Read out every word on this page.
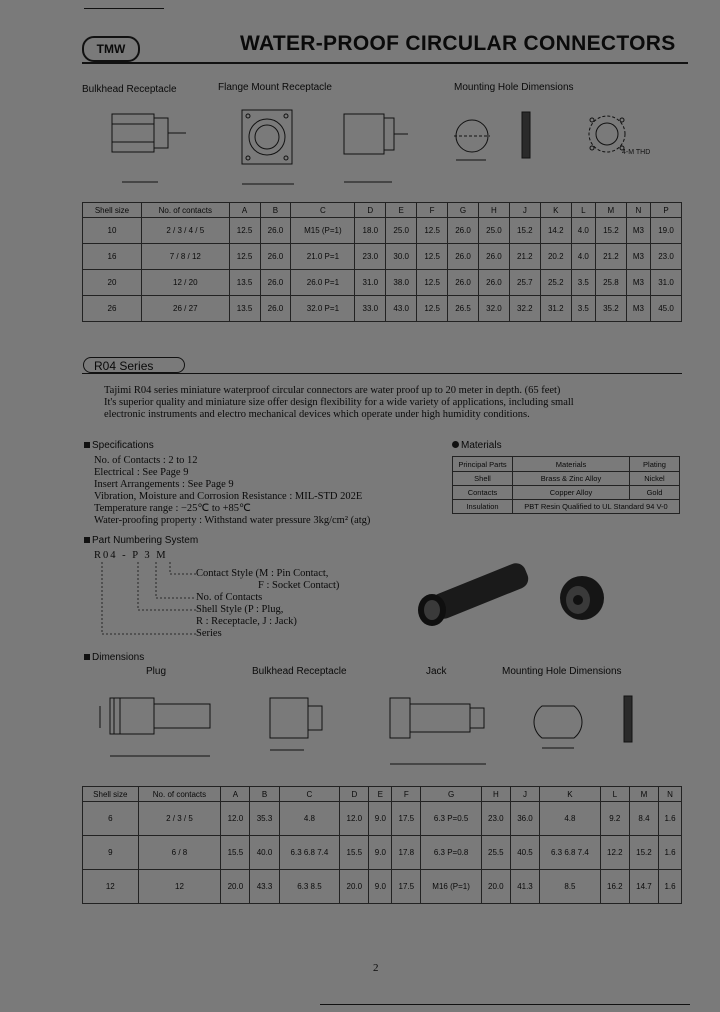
TMW	WATER-PROOF CIRCULAR CONNECTORS
Bulkhead Receptacle	Flange Mount Receptacle	Mounting Hole Dimensions
4-M THD
Shell size	No. of contacts	A	B	C	D	E	F	G	H	J	K	L	M	N	P
10	2 / 3 / 4 / 5	12.5	26.0	M15 (P=1)	18.0	25.0	12.5	26.0	25.0	15.2	14.2	4.0	15.2	M3	19.0
16	7 / 8 / 12	12.5	26.0	21.0 P=1	23.0	30.0	12.5	26.0	26.0	21.2	20.2	4.0	21.2	M3	23.0
20	12 / 20	13.5	26.0	26.0 P=1	31.0	38.0	12.5	26.0	26.0	25.7	25.2	3.5	25.8	M3	31.0
26	26 / 27	13.5	26.0	32.0 P=1	33.0	43.0	12.5	26.5	32.0	32.2	31.2	3.5	35.2	M3	45.0
R04 Series
Tajimi R04 series miniature waterproof circular connectors are water proof up to 20 meter in depth. (65 feet)
It's superior quality and miniature size offer design flexibility for a wide variety of applications, including small
electronic instruments and electro mechanical devices which operate under high humidity conditions.
Specifications
No. of Contacts : 2 to 12
Electrical : See Page 9
Insert Arrangements : See Page 9
Vibration, Moisture and Corrosion Resistance : MIL-STD 202E
Temperature range : −25℃ to +85℃
Water-proofing property : Withstand water pressure 3kg/cm² (atg)
Materials
Principal Parts	Materials	Plating
Shell	Brass & Zinc Alloy	Nickel
Contacts	Copper Alloy	Gold
Insulation	PBT Resin Qualified to UL Standard 94 V-0	
Part Numbering System
R04 - P 3 M
Contact Style (M : Pin Contact,
F : Socket Contact)
No. of Contacts
Shell Style (P : Plug,
R : Receptacle, J : Jack)
Series
Dimensions
Plug	Bulkhead Receptacle	Jack	Mounting Hole Dimensions
Shell size	No. of contacts	A	B	C	D	E	F	G	H	J	K	L	M	N
6	2 / 3 / 5	12.0	35.3	4.8	12.0	9.0	17.5	6.3 P=0.5	23.0	36.0	4.8	9.2	8.4	1.6
9	6 / 8	15.5	40.0	6.3 6.8 7.4	15.5	9.0	17.8	6.3 P=0.8	25.5	40.5	6.3 6.8 7.4	12.2	15.2	1.6
12	12	20.0	43.3	6.3 8.5	20.0	9.0	17.5	M16 (P=1)	20.0	41.3	8.5	16.2	14.7	1.6
2
